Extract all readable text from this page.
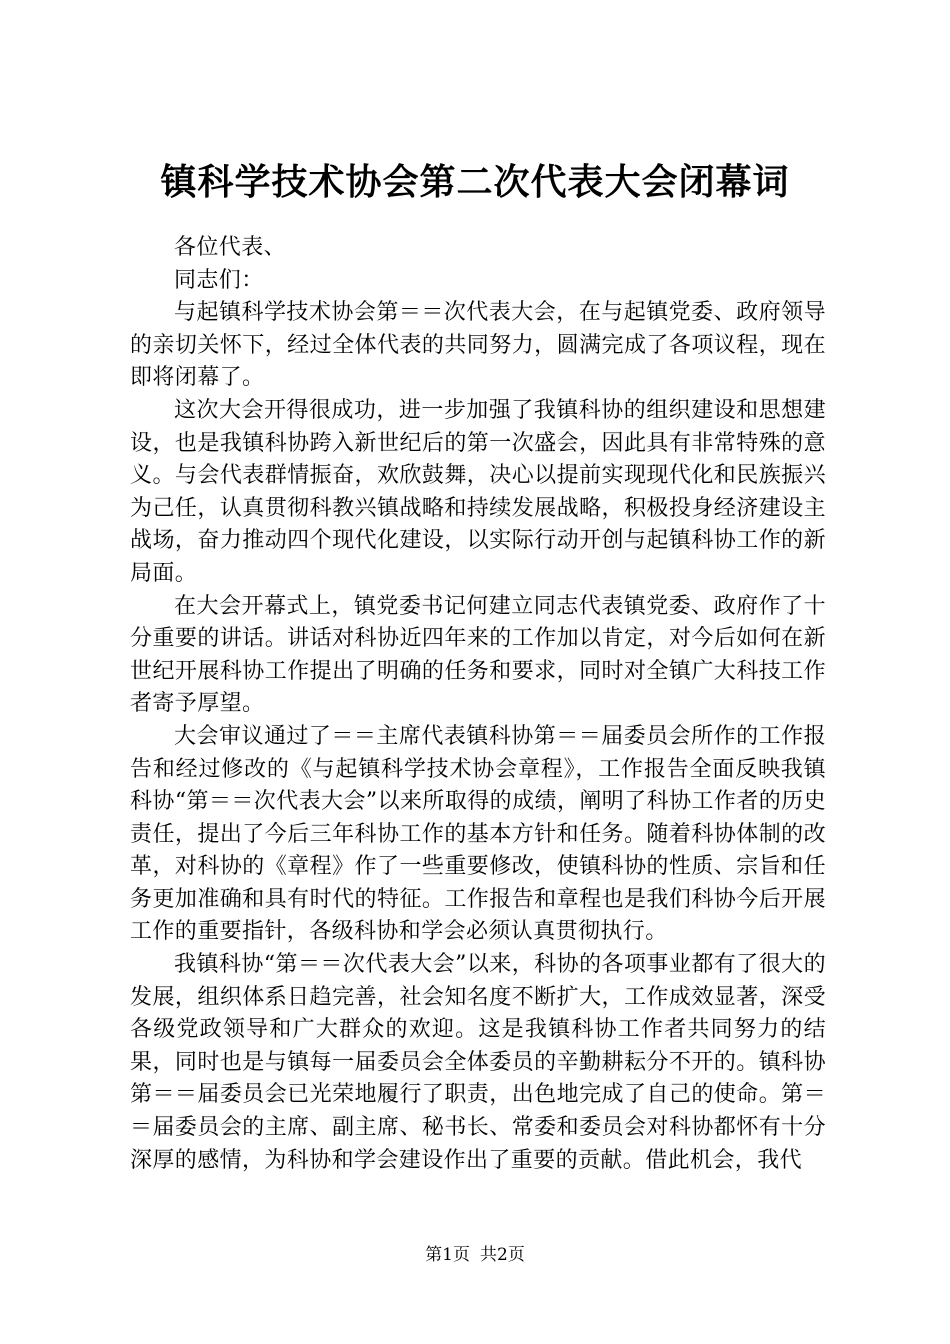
镇科学技术协会第二次代表大会闭幕词

各位代表、

同志们：

与起镇科学技术协会第＝＝次代表大会，在与起镇党委、政府领导的亲切关怀下，经过全体代表的共同努力，圆满完成了各项议程，现在即将闭幕了。

这次大会开得很成功，进一步加强了我镇科协的组织建设和思想建设，也是我镇科协跨入新世纪后的第一次盛会，因此具有非常特殊的意义。与会代表群情振奋，欢欣鼓舞，决心以提前实现现代化和民族振兴为己任，认真贯彻科教兴镇战略和持续发展战略，积极投身经济建设主战场，奋力推动四个现代化建设，以实际行动开创与起镇科协工作的新局面。

在大会开幕式上，镇党委书记何建立同志代表镇党委、政府作了十分重要的讲话。讲话对科协近四年来的工作加以肯定，对今后如何在新世纪开展科协工作提出了明确的任务和要求，同时对全镇广大科技工作者寄予厚望。

大会审议通过了＝＝主席代表镇科协第＝＝届委员会所作的工作报告和经过修改的《与起镇科学技术协会章程》，工作报告全面反映我镇科协“第＝＝次代表大会”以来所取得的成绩，阐明了科协工作者的历史责任，提出了今后三年科协工作的基本方针和任务。随着科协体制的改革，对科协的《章程》作了一些重要修改，使镇科协的性质、宗旨和任务更加准确和具有时代的特征。工作报告和章程也是我们科协今后开展工作的重要指针，各级科协和学会必须认真贯彻执行。

我镇科协“第＝＝次代表大会”以来，科协的各项事业都有了很大的发展，组织体系日趋完善，社会知名度不断扩大，工作成效显著，深受各级党政领导和广大群众的欢迎。这是我镇科协工作者共同努力的结果，同时也是与镇每一届委员会全体委员的辛勤耕耘分不开的。镇科协第＝＝届委员会已光荣地履行了职责，出色地完成了自己的使命。第＝＝届委员会的主席、副主席、秘书长、常委和委员会对科协都怀有十分深厚的感情，为科协和学会建设作出了重要的贡献。借此机会，我代

第1页 共2页
